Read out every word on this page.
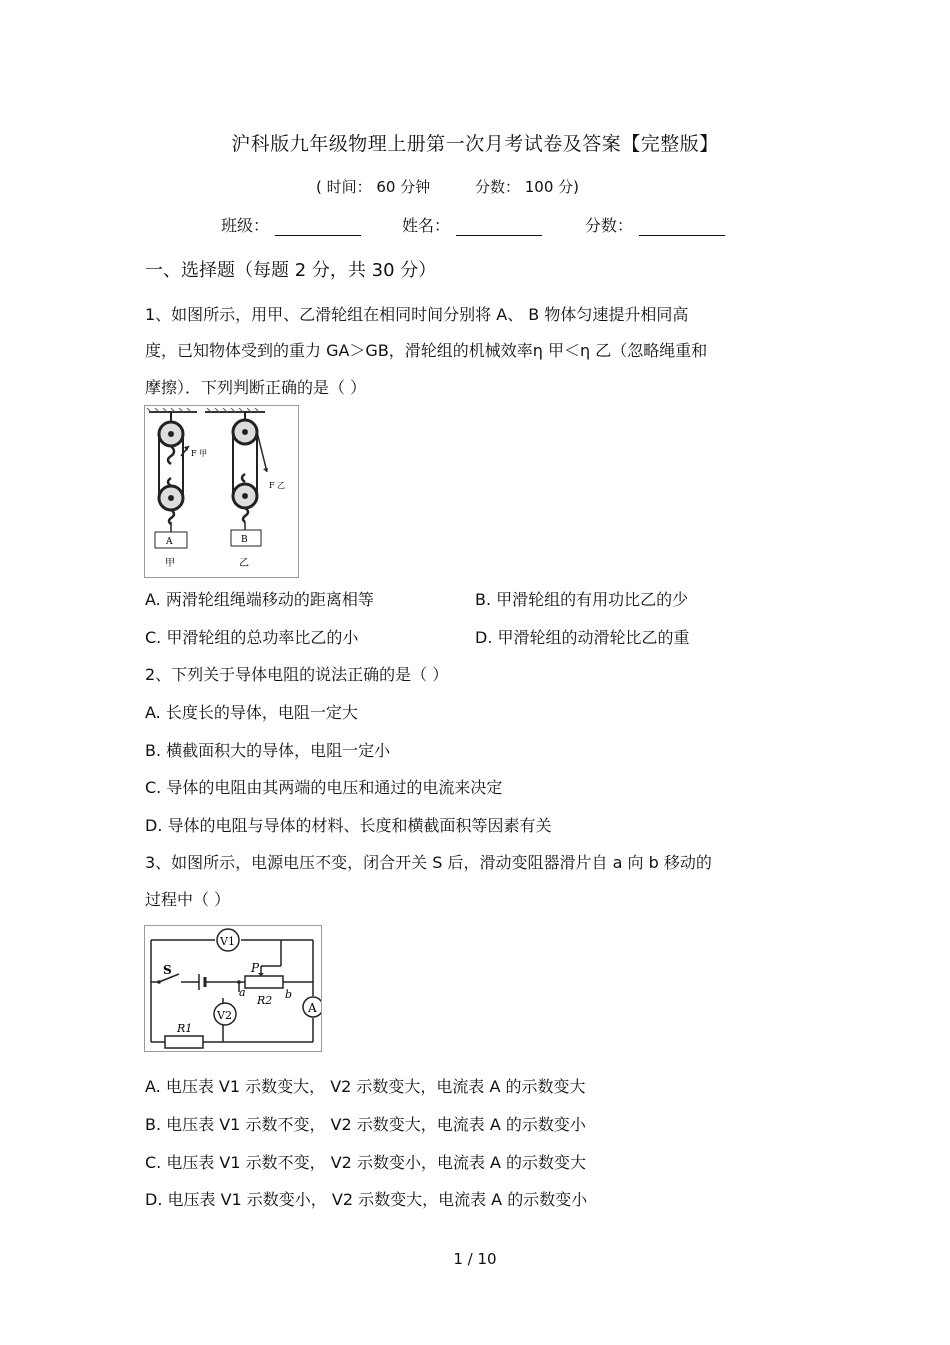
沪科版九年级物理上册第一次月考试卷及答案【完整版】
( 时间： 60 分钟	分数： 100 分)
班级：	姓名：	分数：
一、选择题（每题 2 分，共 30 分）
1、如图所示，用甲、乙滑轮组在相同时间分别将 A、 B 物体匀速提升相同高
度，已知物体受到的重力 GA＞GB，滑轮组的机械效率η 甲＜η 乙（忽略绳重和
摩擦）．下列判断正确的是（ ）
F 甲
A
甲
F 乙
B
乙
A. 两滑轮组绳端移动的距离相等	B. 甲滑轮组的有用功比乙的少
C. 甲滑轮组的总功率比乙的小	D. 甲滑轮组的动滑轮比乙的重
2、下列关于导体电阻的说法正确的是（ ）
A. 长度长的导体，电阻一定大
B. 横截面积大的导体，电阻一定小
C. 导体的电阻由其两端的电压和通过的电流来决定
D. 导体的电阻与导体的材料、长度和横截面积等因素有关
3、如图所示，电源电压不变，闭合开关 S 后，滑动变阻器滑片自 a 向 b 移动的
过程中（ ）
V1
V2
A
S	P
a	b
R2
R1
A. 电压表 V1 示数变大， V2 示数变大，电流表 A 的示数变大
B. 电压表 V1 示数不变， V2 示数变大，电流表 A 的示数变小
C. 电压表 V1 示数不变， V2 示数变小，电流表 A 的示数变大
D. 电压表 V1 示数变小， V2 示数变大，电流表 A 的示数变小
1 / 10
